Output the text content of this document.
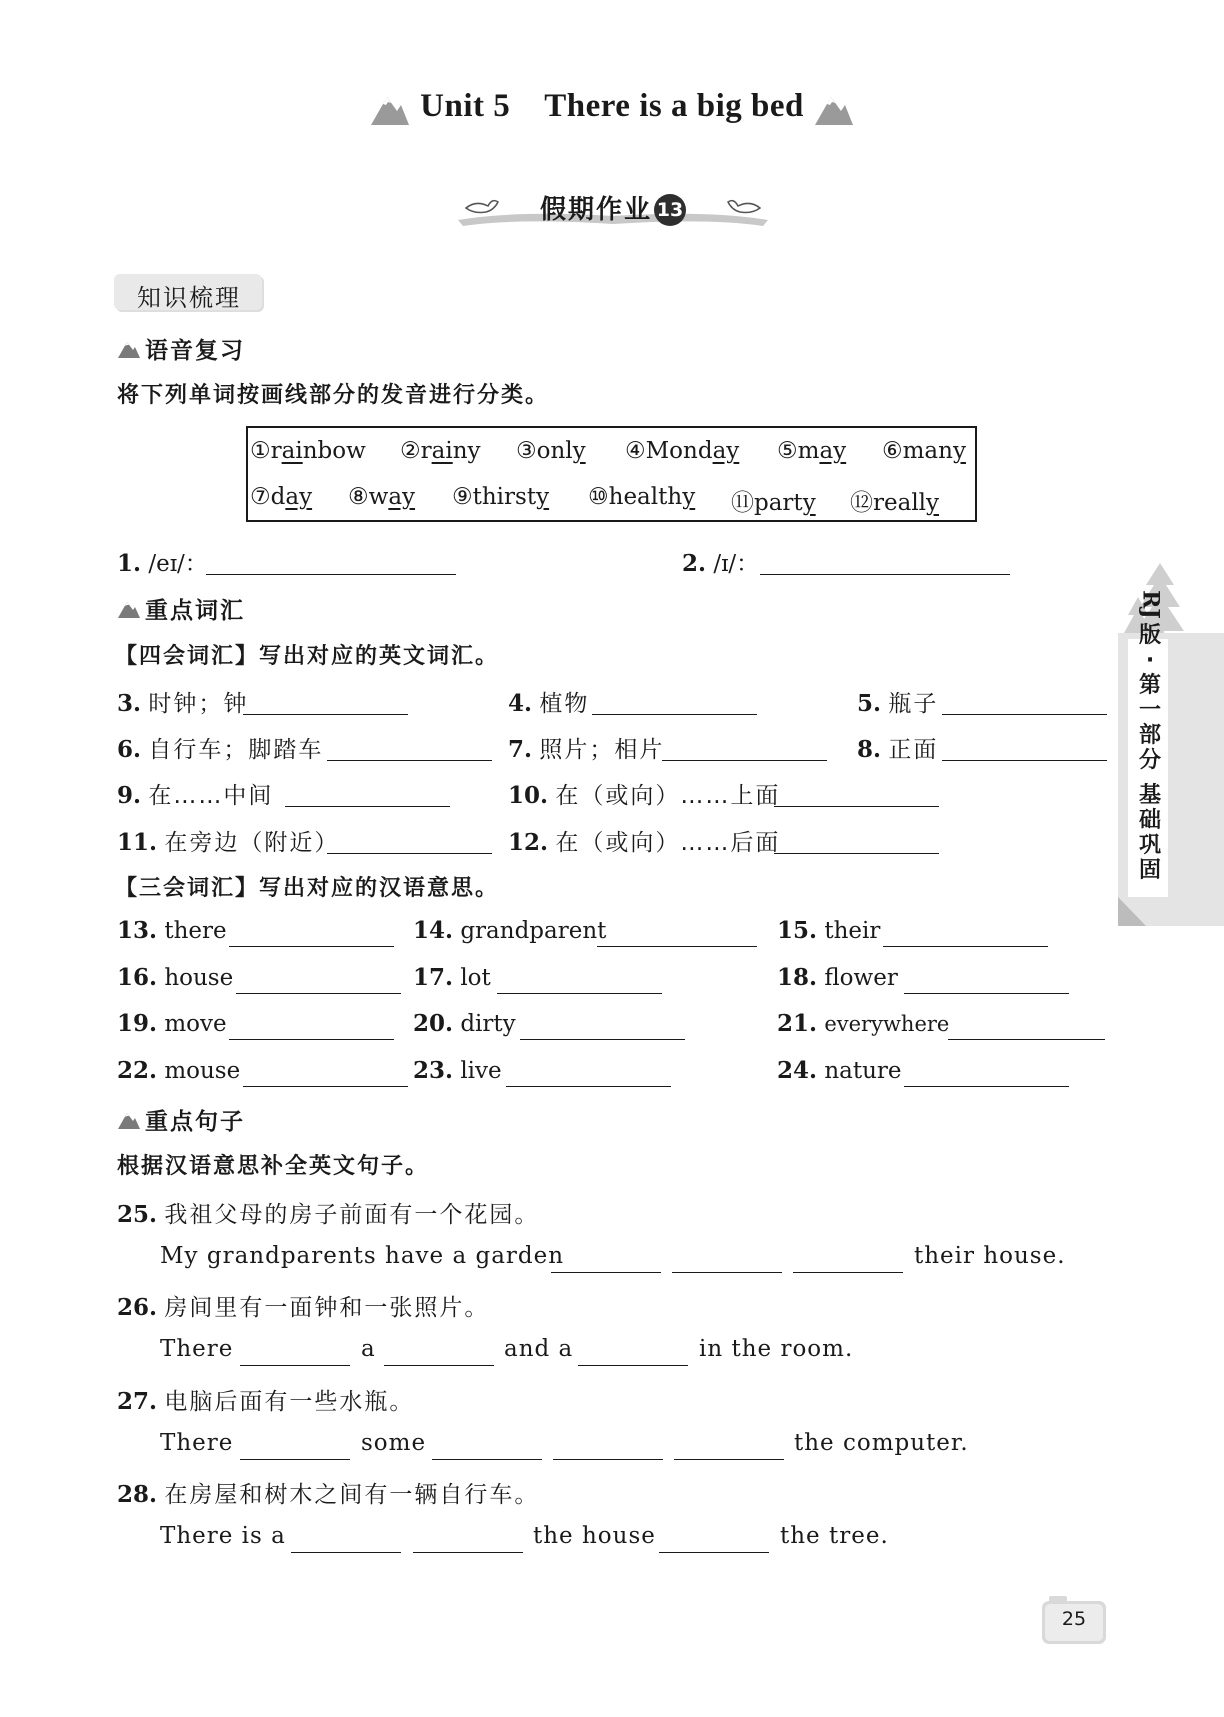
Unit 5 There is a big bed
假期作业 13
知识梳理
语音复习
将下列单词按画线部分的发音进行分类。
①rainbow ②rainy ③only ④Monday ⑤may ⑥many
⑦day ⑧way ⑨thirsty ⑩healthy ⑪party ⑫really
1. /eɪ/：	2. /ɪ/：
重点词汇
【四会词汇】写出对应的英文词汇。
3. 时钟；钟	4. 植物	5. 瓶子
6. 自行车；脚踏车	7. 照片；相片	8. 正面
9. 在……中间	10. 在（或向）……上面
11. 在旁边（附近）	12. 在（或向）……后面
【三会词汇】写出对应的汉语意思。
13. there	14. grandparent	15. their
16. house	17. lot	18. flower
19. move	20. dirty	21. everywhere
22. mouse	23. live	24. nature
重点句子
根据汉语意思补全英文句子。
25. 我祖父母的房子前面有一个花园。
My grandparents have a garden	their house.
26. 房间里有一面钟和一张照片。
There	a	and a	in the room.
27. 电脑后面有一些水瓶。
There	some	the computer.
28. 在房屋和树木之间有一辆自行车。
There is a	the house	the tree.
RJ
版
·
第一部分
基础巩固
25
